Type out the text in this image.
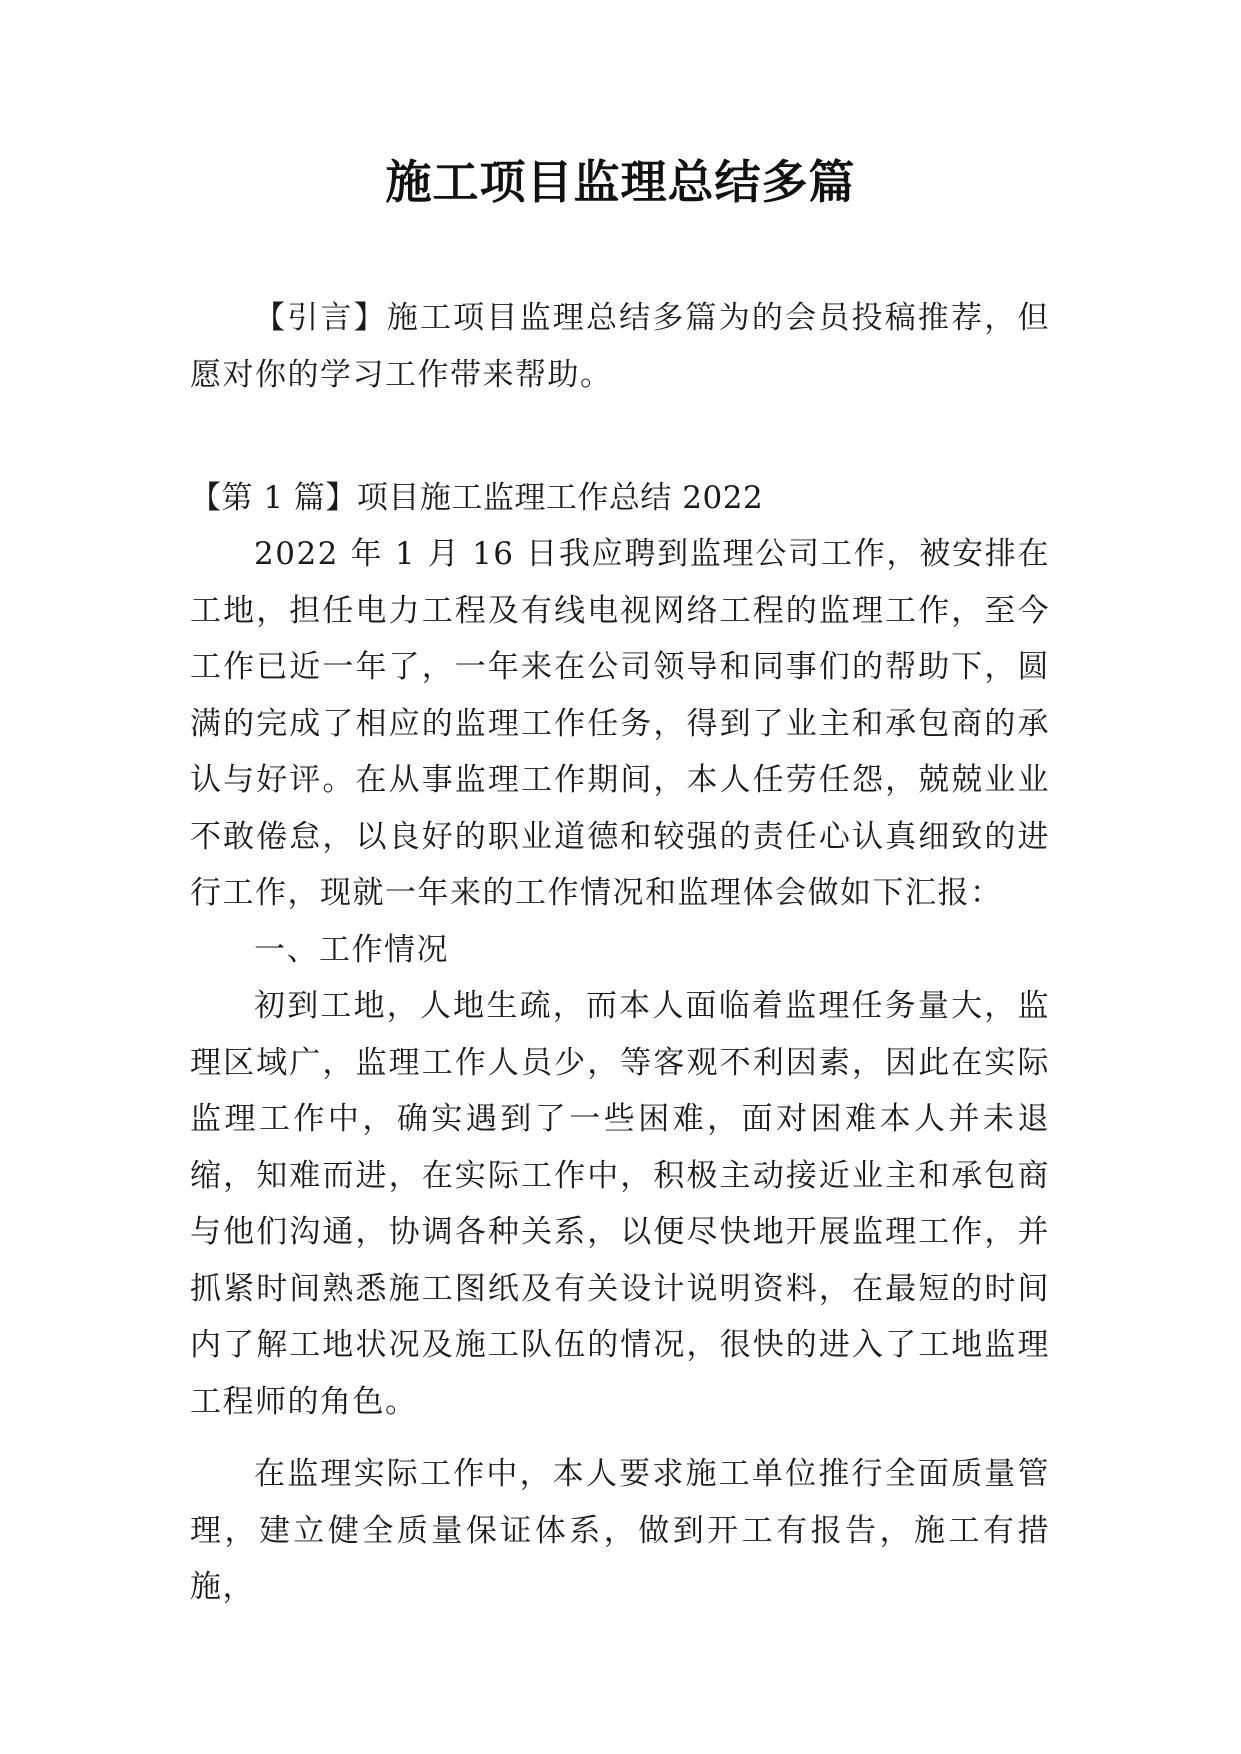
施工项目监理总结多篇
【引言】施工项目监理总结多篇为的会员投稿推荐，但愿对你的学习工作带来帮助。
【第 1 篇】项目施工监理工作总结 2022

2022 年 1 月 16 日我应聘到监理公司工作，被安排在工地，担任电力工程及有线电视网络工程的监理工作，至今工作已近一年了，一年来在公司领导和同事们的帮助下，圆满的完成了相应的监理工作任务，得到了业主和承包商的承认与好评。在从事监理工作期间，本人任劳任怨，兢兢业业不敢倦怠，以良好的职业道德和较强的责任心认真细致的进行工作，现就一年来的工作情况和监理体会做如下汇报：

一、工作情况

初到工地，人地生疏，而本人面临着监理任务量大，监理区域广，监理工作人员少，等客观不利因素，因此在实际监理工作中，确实遇到了一些困难，面对困难本人并未退缩，知难而进，在实际工作中，积极主动接近业主和承包商与他们沟通，协调各种关系，以便尽快地开展监理工作，并抓紧时间熟悉施工图纸及有关设计说明资料，在最短的时间内了解工地状况及施工队伍的情况，很快的进入了工地监理工程师的角色。

在监理实际工作中，本人要求施工单位推行全面质量管理，建立健全质量保证体系，做到开工有报告，施工有措施，
